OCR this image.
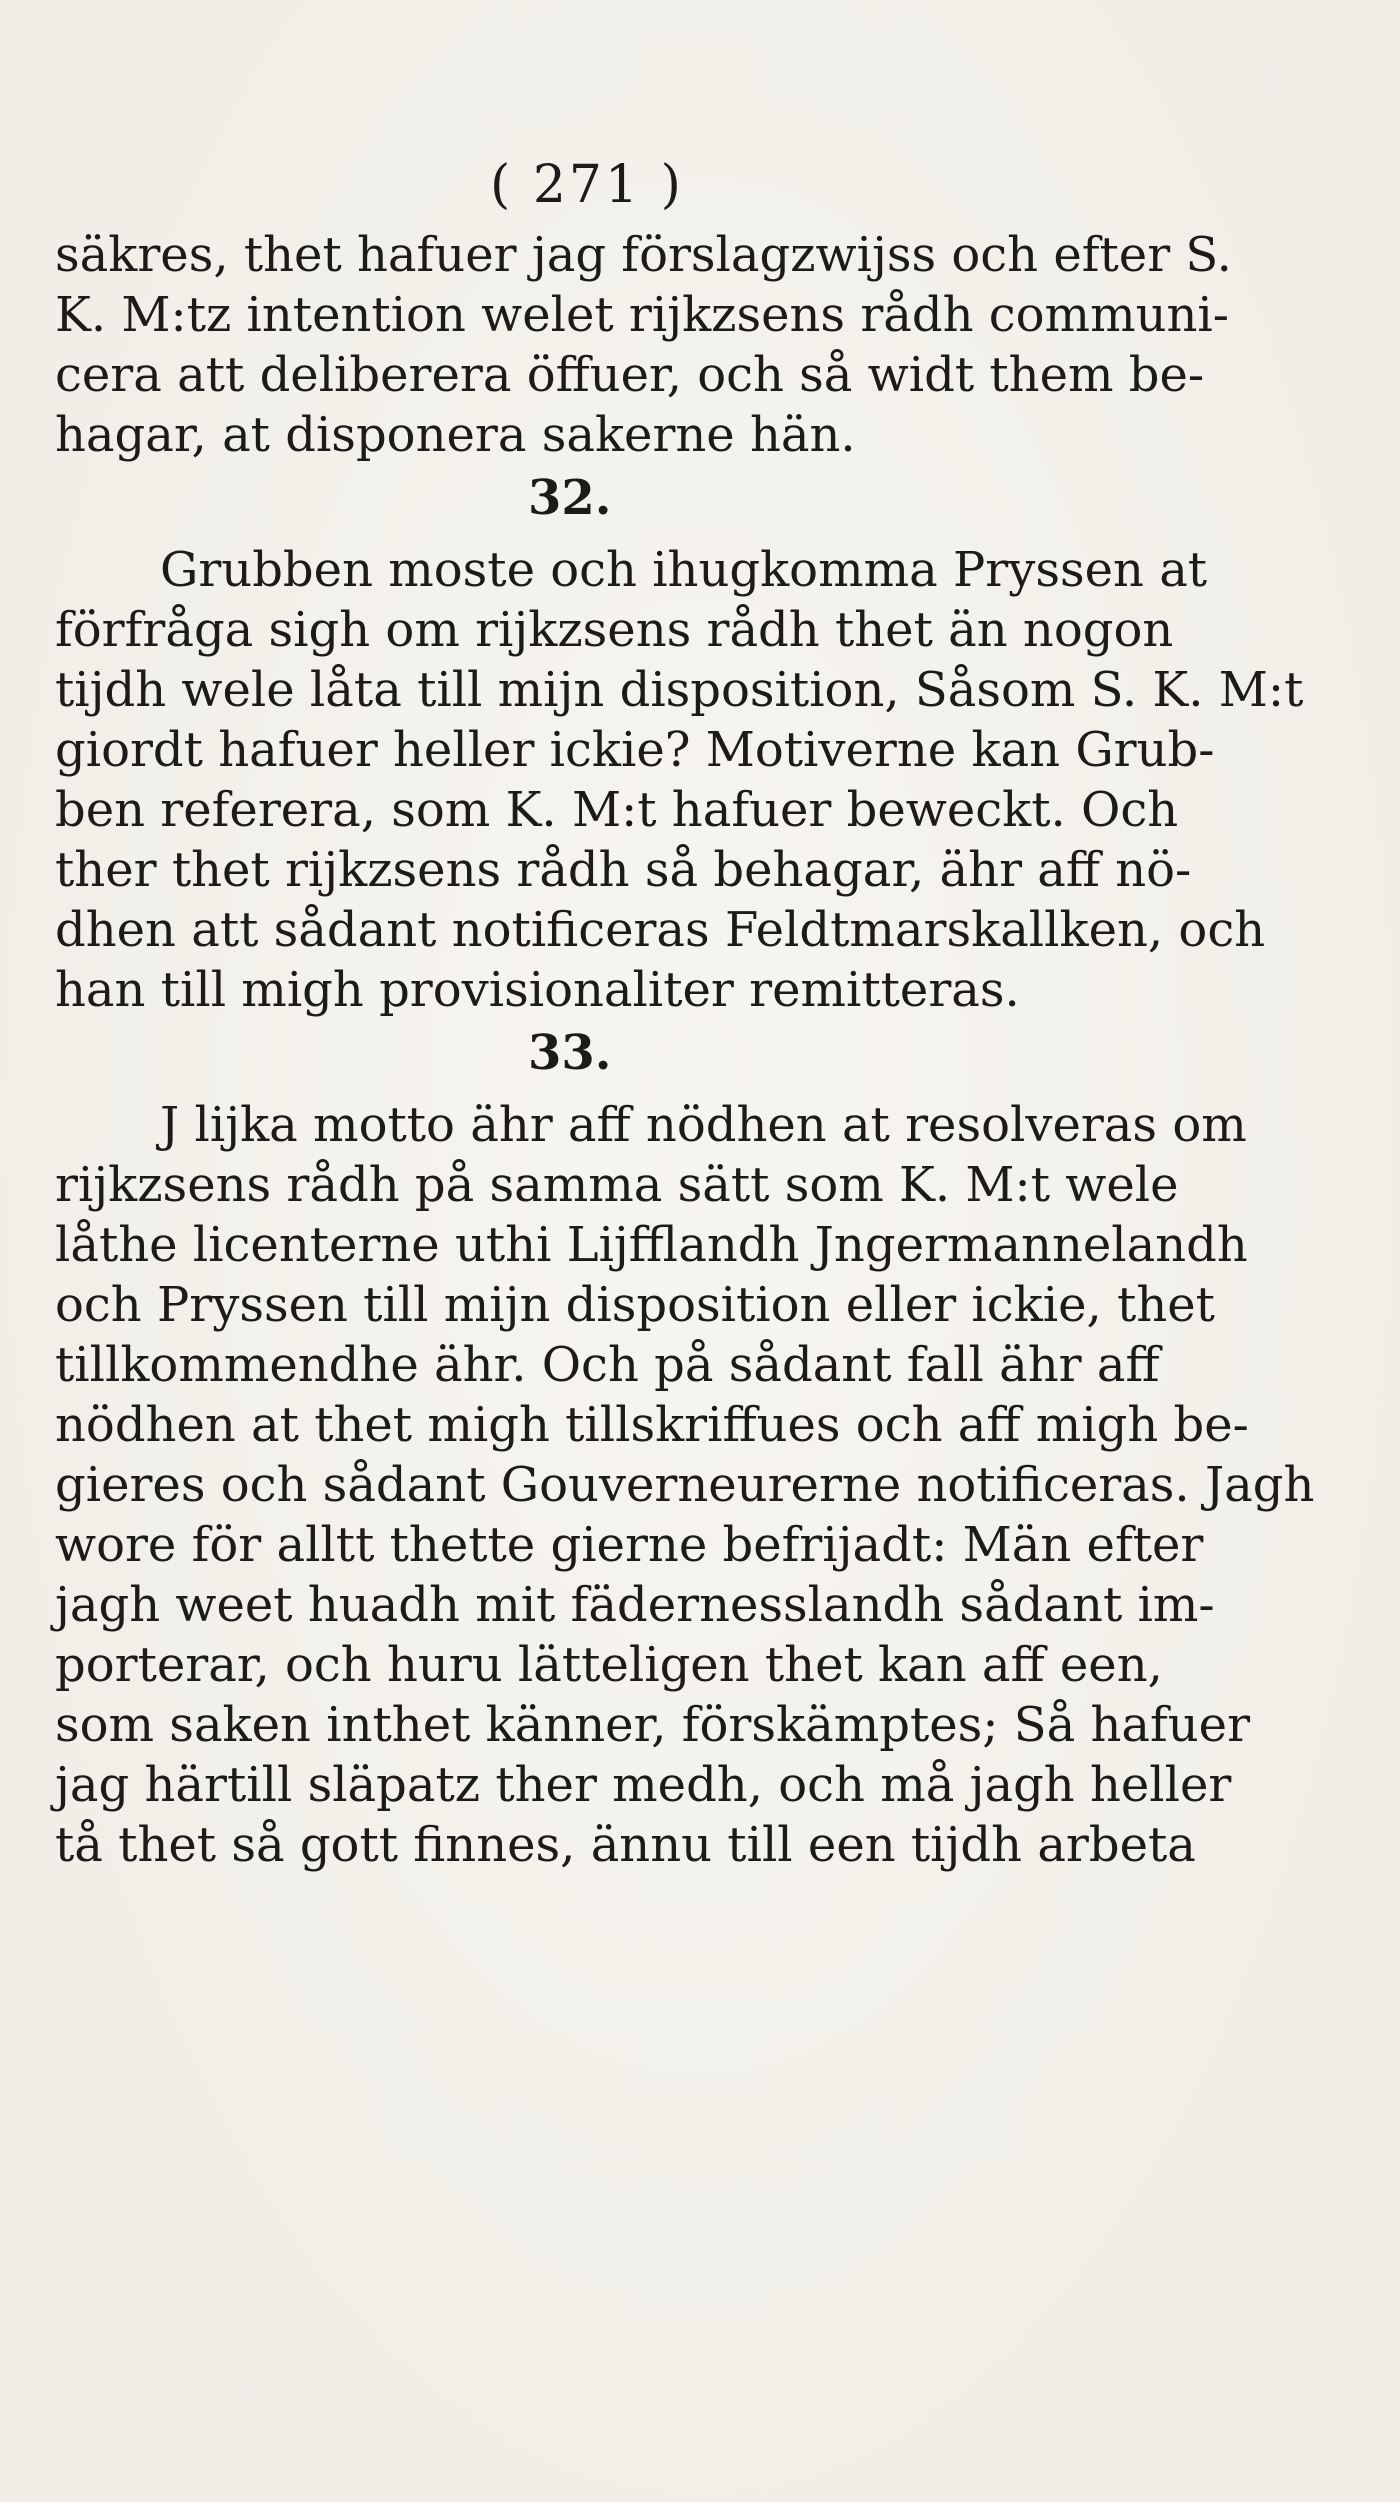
( 271 )
säkres, thet hafuer jag förslagzwijss och efter S.
K. M:tz intention welet rijkzsens rådh communi-
cera att deliberera öffuer, och så widt them be-
hagar, at disponera sakerne hän.
32.
Grubben moste och ihugkomma Pryssen at
förfråga sigh om rijkzsens rådh thet än nogon
tijdh wele låta till mijn disposition, Såsom S. K. M:t
giordt hafuer heller ickie? Motiverne kan Grub-
ben referera, som K. M:t hafuer beweckt. Och
ther thet rijkzsens rådh så behagar, ähr aff nö-
dhen att sådant notificeras Feldtmarskallken, och
han till migh provisionaliter remitteras.
33.
J lijka motto ähr aff nödhen at resolveras om
rijkzsens rådh på samma sätt som K. M:t wele
låthe licenterne uthi Lijfflandh Jngermannelandh
och Pryssen till mijn disposition eller ickie, thet
tillkommendhe ähr. Och på sådant fall ähr aff
nödhen at thet migh tillskriffues och aff migh be-
gieres och sådant Gouverneurerne notificeras. Jagh
wore för alltt thette gierne befrijadt: Män efter
jagh weet huadh mit fädernesslandh sådant im-
porterar, och huru lätteligen thet kan aff een,
som saken inthet känner, förskämptes; Så hafuer
jag härtill släpatz ther medh, och må jagh heller
tå thet så gott finnes, ännu till een tijdh arbeta
